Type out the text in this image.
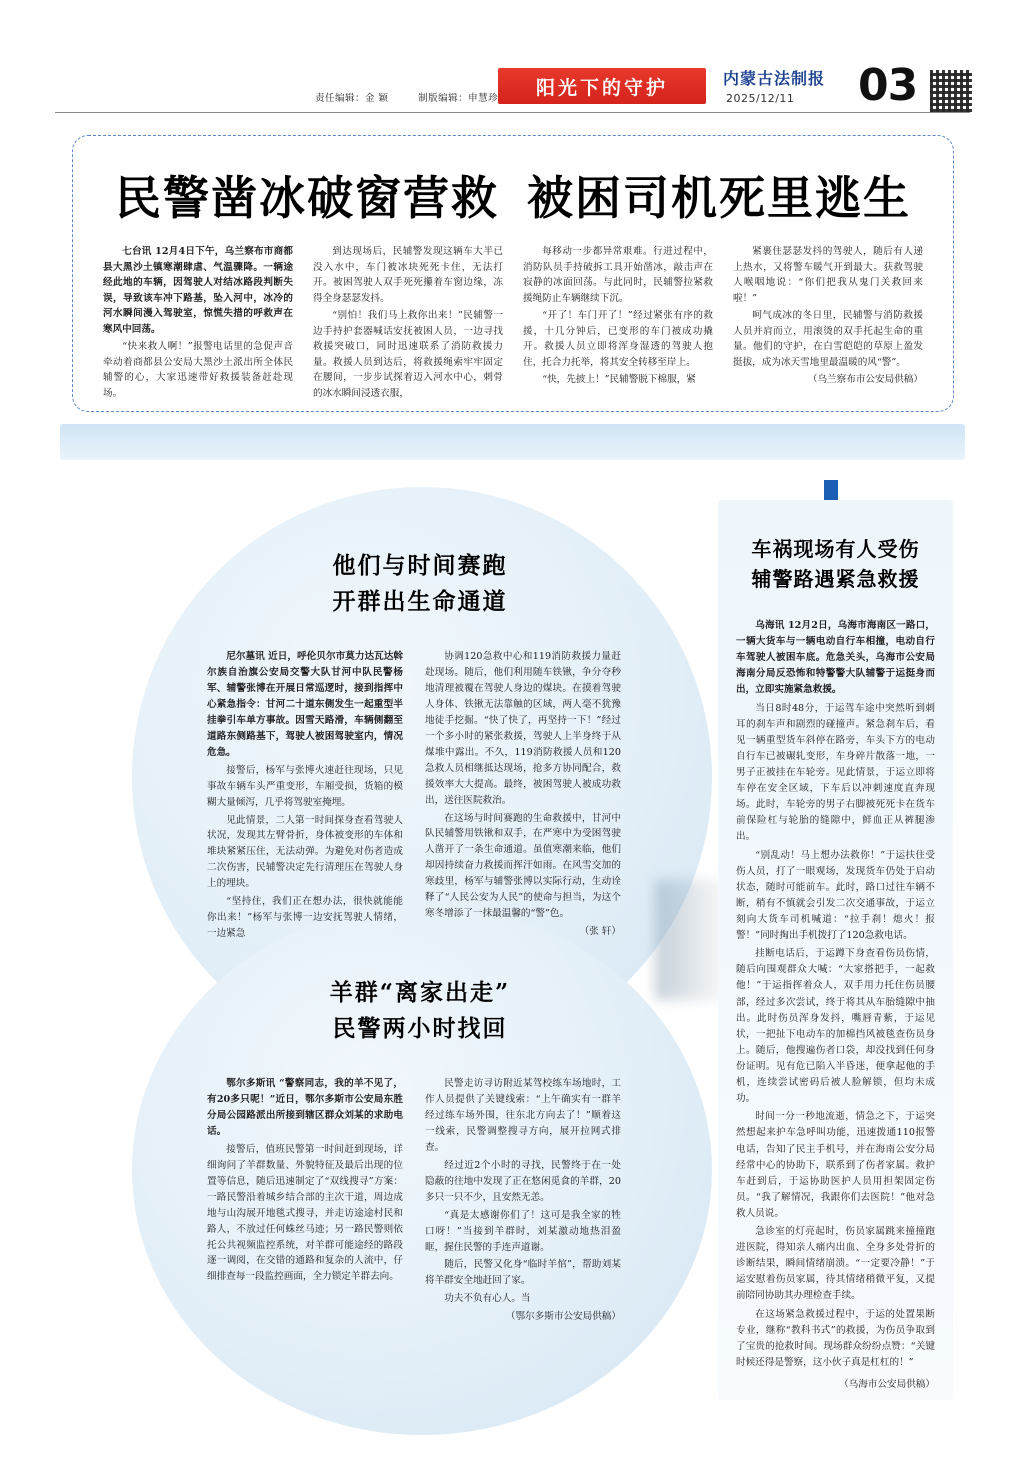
责任编辑：金 颖	制版编辑：申慧珍	阳光下的守护	内蒙古法制报
2025/12/11 03
民警凿冰破窗营救 被困司机死里逃生

七台讯 12月4日下午，乌兰察布市商都县大黑沙土镇寒潮肆虐、气温骤降。一辆途经此地的车辆，因驾驶人对结冰路段判断失误，导致该车冲下路基，坠入河中，冰冷的河水瞬间漫入驾驶室，惊慌失措的呼救声在寒风中回荡。

“快来救人啊！”报警电话里的急促声音牵动着商都县公安局大黑沙土派出所全体民辅警的心，大家迅速带好救援装备赶赴现场。

到达现场后，民辅警发现这辆车大半已没入水中，车门被冰块死死卡住，无法打开。被困驾驶人双手死死攥着车窗边缘，冻得全身瑟瑟发抖。

“别怕！我们马上救你出来！”民辅警一边手持护套器喊话安抚被困人员，一边寻找救援突破口，同时迅速联系了消防救援力量。救援人员到达后，将救援绳索牢牢固定在腰间，一步步试探着迈入河水中心，刺骨的冰水瞬间浸透衣服，

每移动一步都异常艰难。行进过程中，消防队员手持破拆工具开始凿冰，敲击声在寂静的冰面回荡。与此同时，民辅警拉紧救援绳防止车辆继续下沉。

“开了！车门开了！”经过紧张有序的救援，十几分钟后，已变形的车门被成功撬开。救援人员立即将浑身湿透的驾驶人抱住，托合力托举，将其安全转移至岸上。

“快，先披上！”民辅警脱下棉服，紧

紧裹住瑟瑟发抖的驾驶人，随后有人递上热水，又将警车暖气开到最大。获救驾驶人喉咽地说：“你们把我从鬼门关救回来啦！”

呵气成冰的冬日里，民辅警与消防救援人员并肩而立，用滚烫的双手托起生命的重量。他们的守护，在白雪皑皑的草原上盈发挺拔，成为冰天雪地里最温暖的风“警”。

（乌兰察布市公安局供稿）

他们与时间赛跑
开群出生命通道

尼尔墓讯 近日，呼伦贝尔市莫力达瓦达斡尔族自治旗公安局交警大队甘河中队民警杨军、辅警张博在开展日常巡逻时，接到指挥中心紧急指令：甘河二十道东侧发生一起重型半挂拳引车单方事故。因雪天路滑，车辆侧翻至道路东侧路基下，驾驶人被困驾驶室内，情况危急。

接警后，杨军与张博火速赶往现场，只见事故车辆车头严重变形，车厢受损，货箱的模糊大量倾泻，几乎将驾驶室掩埋。

见此情景，二人第一时间探身查看驾驶人状况，发现其左臂骨折，身体被变形的车体和堆块紧紧压住，无法动弹。为避免对伤者造成二次伤害，民辅警决定先行清理压在驾驶人身上的埋块。

“坚持住，我们正在想办法，很快就能能你出来！”杨军与张博一边安抚驾驶人情绪，一边紧急

协调120急救中心和119消防救援力量赶赴现场。随后，他们利用随车铁锹，争分夺秒地清理被覆在驾驶人身边的煤块。在摸着驾驶人身体、铁锹无法靠触的区域，两人毫不犹豫地徒手挖掘。“快了快了，再坚持一下！”经过一个多小时的紧张救援，驾驶人上半身终于从煤堆中露出。不久，119消防救援人员和120急救人员相继抵达现场，抢多方协同配合，救援效率大大提高。最终，被困驾驶人被成功救出，送往医院救治。

在这场与时间赛跑的生命救援中，甘河中队民辅警用铁锹和双手，在严寒中为受困驾驶人凿开了一条生命通道。虽值寒潮来临，他们却因持续奋力救援而挥汗如雨。在风雪交加的寒歧里，杨军与辅警张博以实际行动，生动诠释了“人民公安为人民”的使命与担当，为这个寒冬增添了一抹最温馨的“警”色。

（张 轩）

羊群“离家出走”
民警两小时找回

鄂尔多斯讯 “警察同志，我的羊不见了，有20多只呢！”近日，鄂尔多斯市公安局东胜分局公园路派出所接到辖区群众刘某的求助电话。

接警后，值班民警第一时间赶到现场，详细询问了羊群数量、外貌特征及最后出现的位置等信息，随后迅速制定了“双线搜寻”方案：一路民警沿着城乡结合部的主次干道，周边成地与山沟展开地毯式搜寻，并走访途途村民和路人，不放过任何蛛丝马迹；另一路民警则依托公共视频监控系统，对羊群可能途经的路段逐一调阅，在交错的通路和复杂的人流中，仔细排查每一段监控画面，全力锁定羊群去向。

民警走访寻访附近某驾校练车场地时，工作人员提供了关键线索：“上午确实有一群羊经过练车场外围，往东北方向去了！”顺着这一线索，民警调整搜寻方向，展开拉网式排查。

经过近2个小时的寻找，民警终于在一处隐蔽的往地中发现了正在悠闲觅食的羊群，20多只一只不少，且安然无恙。

“真是太感谢你们了！这可是我全家的牲口呀！”当接到羊群时，刘某激动地热泪盈眶，握住民警的手连声道谢。

随后，民警又化身“临时羊倌”，帮助刘某将羊群安全地赶回了家。

功夫不负有心人。当

（鄂尔多斯市公安局供稿）

车祸现场有人受伤
辅警路遇紧急救援

乌海讯 12月2日，乌海市海南区一路口，一辆大货车与一辆电动自行车相撞，电动自行车驾驶人被困车底。危急关头，乌海市公安局海南分局反恐怖和特警警大队辅警于运挺身而出，立即实施紧急救援。

当日8时48分，于运驾车途中突然听到刺耳的刹车声和剧烈的碰撞声。紧急刹车后，看见一辆重型货车斜停在路旁，车头下方的电动自行车已被碾轧变形，车身碎片散落一地，一男子正被挂在车轮旁。见此情景，于运立即将车停在安全区域，下车后以冲刺速度直奔现场。此时，车轮旁的男子右脚被死死卡在货车前保险杠与轮胎的缝隙中，鲜血正从裤腿渗出。

“别乱动！马上想办法救你！”于运扶住受伤人员，打了一眼观场，发现货车仍处于启动状态，随时可能前车。此时，路口过往车辆不断，稍有不慎就会引发二次交通事故，于运立刻向大货车司机喊道：“拉手刹！熄火！报警！”同时掏出手机拨打了120急救电话。

挂断电话后，于运蹲下身查看伤员伤情，随后向围观群众大喊：“大家搭把手，一起救他！”于运指挥着众人，双手用力托住伤员腰部，经过多次尝试，终于将其从车胎缝隙中抽出。此时伤员浑身发抖，嘴唇青紫，于运见状，一把扯下电动车的加棉挡风被毯查伤员身上。随后，他搜遍伤者口袋，却没找到任何身份证明。见有危已陷入半昏迷，便拿起他的手机，连续尝试密码后被人脸解锁，但均未成功。

时间一分一秒地流逝，情急之下，于运突然想起来护车急呼叫功能，迅速拨通110报警电话，告知了民主手机号，并在海南公安分局经常中心的协助下，联系到了伤者家属。救护车赶到后，于运协助医护人员用担架固定伤员。“我了解情况，我跟你们去医院！”他对急救人员说。

急诊室的灯亮起时，伤员家属跳来撞撞跑进医院，得知亲人痛内出血、全身多处骨折的诊断结果，瞬间情绪崩溃。“一定要冷静！”于运安慰着伤员家属，待其情绪稍微平复，又提前陪同协助其办理检查手续。

在这场紧急救援过程中，于运的处置果断专业，继称“教科书式”的救援，为伤员争取到了宝贵的抢救时间。现场群众纷纷点赞：“关键时候还得是警察，这小伙子真是杠杠的！”

（乌海市公安局供稿）
